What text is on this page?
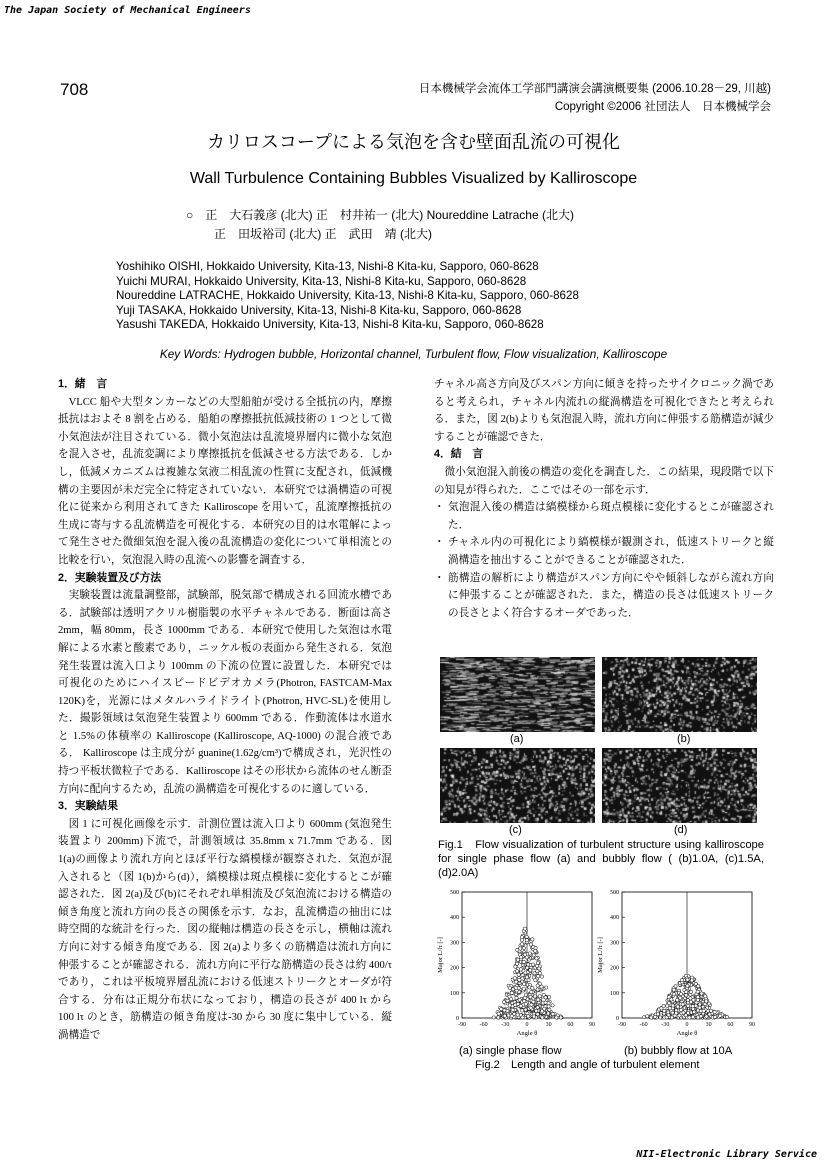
The Japan Society of Mechanical Engineers
NII-Electronic Library Service
708	日本機械学会流体工学部門講演会講演概要集 (2006.10.28－29, 川越)
Copyright ©2006 社団法人　日本機械学会
カリロスコープによる気泡を含む壁面乱流の可視化
Wall Turbulence Containing Bubbles Visualized by Kalliroscope
○　正　大石義彦 (北大) 正　村井祐一 (北大) Noureddine Latrache (北大)
正　田坂裕司 (北大) 正　武田　靖 (北大)
Yoshihiko OISHI, Hokkaido University, Kita-13, Nishi-8 Kita-ku, Sapporo, 060-8628
Yuichi MURAI, Hokkaido University, Kita-13, Nishi-8 Kita-ku, Sapporo, 060-8628
Noureddine LATRACHE, Hokkaido University, Kita-13, Nishi-8 Kita-ku, Sapporo, 060-8628
Yuji TASAKA, Hokkaido University, Kita-13, Nishi-8 Kita-ku, Sapporo, 060-8628
Yasushi TAKEDA, Hokkaido University, Kita-13, Nishi-8 Kita-ku, Sapporo, 060-8628
Key Words: Hydrogen bubble, Horizontal channel, Turbulent flow, Flow visualization, Kalliroscope
1．緒　言

VLCC 船や大型タンカーなどの大型船舶が受ける全抵抗の内，摩擦抵抗はおよそ 8 割を占める．船舶の摩擦抵抗低減技術の 1 つとして微小気泡法が注目されている．微小気泡法は乱流境界層内に微小な気泡を混入させ，乱流変調により摩擦抵抗を低減させる方法である．しかし，低減メカニズムは複雑な気液二相乱流の性質に支配され，低減機構の主要因が未だ完全に特定されていない．本研究では渦構造の可視化に従来から利用されてきた Kalliroscope を用いて，乱流摩擦抵抗の生成に寄与する乱流構造を可視化する．本研究の目的は水電解によって発生させた微細気泡を混入後の乱流構造の変化について単相流との比較を行い，気泡混入時の乱流への影響を調査する．

2．実験装置及び方法

実験装置は流量調整部，試験部，脱気部で構成される回流水槽である．試験部は透明アクリル樹脂製の水平チャネルである．断面は高さ 2mm，幅 80mm，長さ 1000mm である．本研究で使用した気泡は水電解による水素と酸素であり，ニッケル板の表面から発生される．気泡発生装置は流入口より 100mm の下流の位置に設置した．本研究では可視化のためにハイスピードビデオカメラ(Photron, FASTCAM-Max 120K)を，光源にはメタルハライドライト(Photron, HVC-SL)を使用した．撮影領域は気泡発生装置より 600mm である．作動流体は水道水と 1.5%の体積率の Kalliroscope (Kalliroscope, AQ-1000) の混合液である． Kalliroscope は主成分が guanine(1.62g/cm³)で構成され，光沢性の持つ平板状微粒子である．Kalliroscope はその形状から流体のせん断歪方向に配向するため，乱流の渦構造を可視化するのに適している．

3．実験結果

図 1 に可視化画像を示す．計測位置は流入口より 600mm (気泡発生装置より 200mm)下流で，計測領域は 35.8mm x 71.7mm である．図 1(a)の画像より流れ方向とほぼ平行な縞模様が観察された．気泡が混入されると（図 1(b)から(d)），縞模様は斑点模様に変化するとこが確認された．図 2(a)及び(b)にそれぞれ単相流及び気泡流における構造の傾き角度と流れ方向の長さの関係を示す．なお，乱流構造の抽出には時空間的な統計を行った．図の縦軸は構造の長さを示し，横軸は流れ方向に対する傾き角度である．図 2(a)より多くの筋構造は流れ方向に伸張することが確認される．流れ方向に平行な筋構造の長さは約 400/τ であり，これは平板境界層乱流における低速ストリークとオーダが符合する．分布は正規分布状になっており，構造の長さが 400 lτ から 100 lτ のとき，筋構造の傾き角度は-30 から 30 度に集中している．縦渦構造で

チャネル高さ方向及びスパン方向に傾きを持ったサイクロニック渦であると考えられ，チャネル内流れの縦渦構造を可視化できたと考えられる．また，図 2(b)よりも気泡混入時，流れ方向に伸張する筋構造が減少することが確認できた．

4．結　言

微小気泡混入前後の構造の変化を調査した．この結果，現段階で以下の知見が得られた．ここではその一部を示す．

・ 気泡混入後の構造は縞模様から斑点模様に変化するとこが確認された．
・ チャネル内の可視化により縞模様が観測され，低速ストリークと縦渦構造を抽出することができることが確認された．
・ 筋構造の解析により構造がスパン方向にやや傾斜しながら流れ方向に伸張することが確認された．また，構造の長さは低速ストリークの長さとよく符合するオーダであった．
(a)	(b)
(c)	(d)
Fig.1　Flow visualization of turbulent structure using kalliroscope for single phase flow (a) and bubbly flow ( (b)1.0A, (c)1.5A, (d)2.0A)
0
100
200
300
400
500
-90 -60 -30	0	30	60	90
Angle θ
Major L/lτ [-]
0
100
200
300
400
500
-90 -60 -30	0	30	60	90
Angle θ
Major L/lτ [-]
(a) single phase flow	(b) bubbly flow at 10A
Fig.2　Length and angle of turbulent element
